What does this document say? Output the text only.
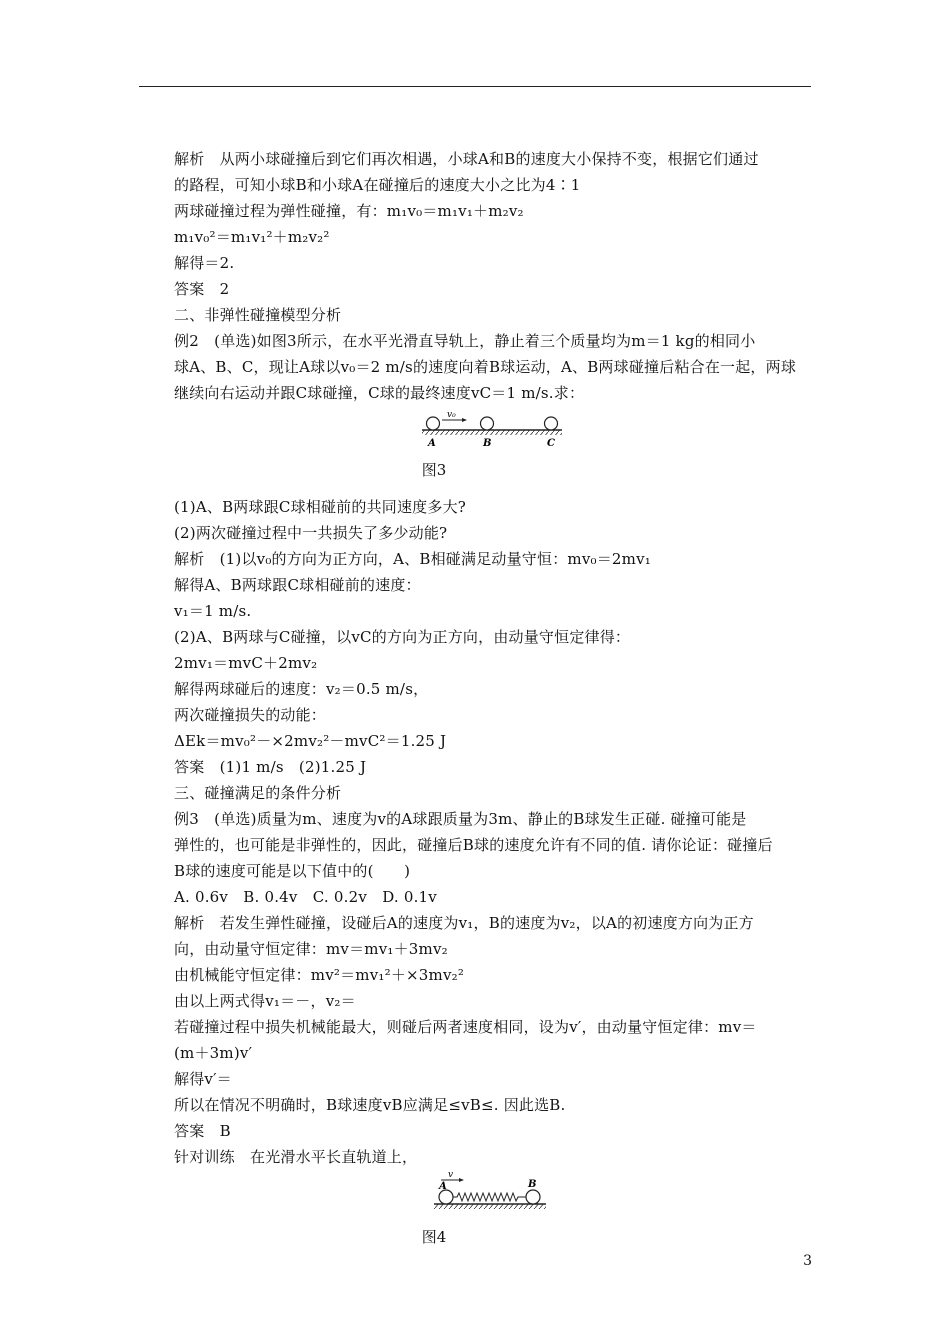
解析　从两小球碰撞后到它们再次相遇，小球A和B的速度大小保持不变，根据它们通过
的路程，可知小球B和小球A在碰撞后的速度大小之比为4∶1
两球碰撞过程为弹性碰撞，有：m₁v₀＝m₁v₁＋m₂v₂
m₁v₀²＝m₁v₁²＋m₂v₂²
解得＝2.
答案　2
二、非弹性碰撞模型分析
例2　(单选)如图3所示，在水平光滑直导轨上，静止着三个质量均为m＝1 kg的相同小
球A、B、C，现让A球以v₀＝2 m/s的速度向着B球运动，A、B两球碰撞后粘合在一起，两球
继续向右运动并跟C球碰撞，C球的最终速度vC＝1 m/s.求：
v₀
A	B	C
图3
(1)A、B两球跟C球相碰前的共同速度多大?
(2)两次碰撞过程中一共损失了多少动能?
解析　(1)以v₀的方向为正方向，A、B相碰满足动量守恒：mv₀＝2mv₁
解得A、B两球跟C球相碰前的速度：
v₁＝1 m/s.
(2)A、B两球与C碰撞，以vC的方向为正方向，由动量守恒定律得：
2mv₁＝mvC＋2mv₂
解得两球碰后的速度：v₂＝0.5 m/s，
两次碰撞损失的动能：
ΔEk＝mv₀²－×2mv₂²－mvC²＝1.25 J
答案　(1)1 m/s　(2)1.25 J
三、碰撞满足的条件分析
例3　(单选)质量为m、速度为v的A球跟质量为3m、静止的B球发生正碰. 碰撞可能是
弹性的，也可能是非弹性的，因此，碰撞后B球的速度允许有不同的值. 请你论证：碰撞后
B球的速度可能是以下值中的(　　)
A. 0.6v　B. 0.4v　C. 0.2v　D. 0.1v
解析　若发生弹性碰撞，设碰后A的速度为v₁，B的速度为v₂，以A的初速度方向为正方
向，由动量守恒定律：mv＝mv₁＋3mv₂
由机械能守恒定律：mv²＝mv₁²＋×3mv₂²
由以上两式得v₁＝－，v₂＝
若碰撞过程中损失机械能最大，则碰后两者速度相同，设为v′，由动量守恒定律：mv＝
(m＋3m)v′
解得v′＝
所以在情况不明确时，B球速度vB应满足≤vB≤. 因此选B.
答案　B
针对训练　在光滑水平长直轨道上，
v
A	B
图4
3
